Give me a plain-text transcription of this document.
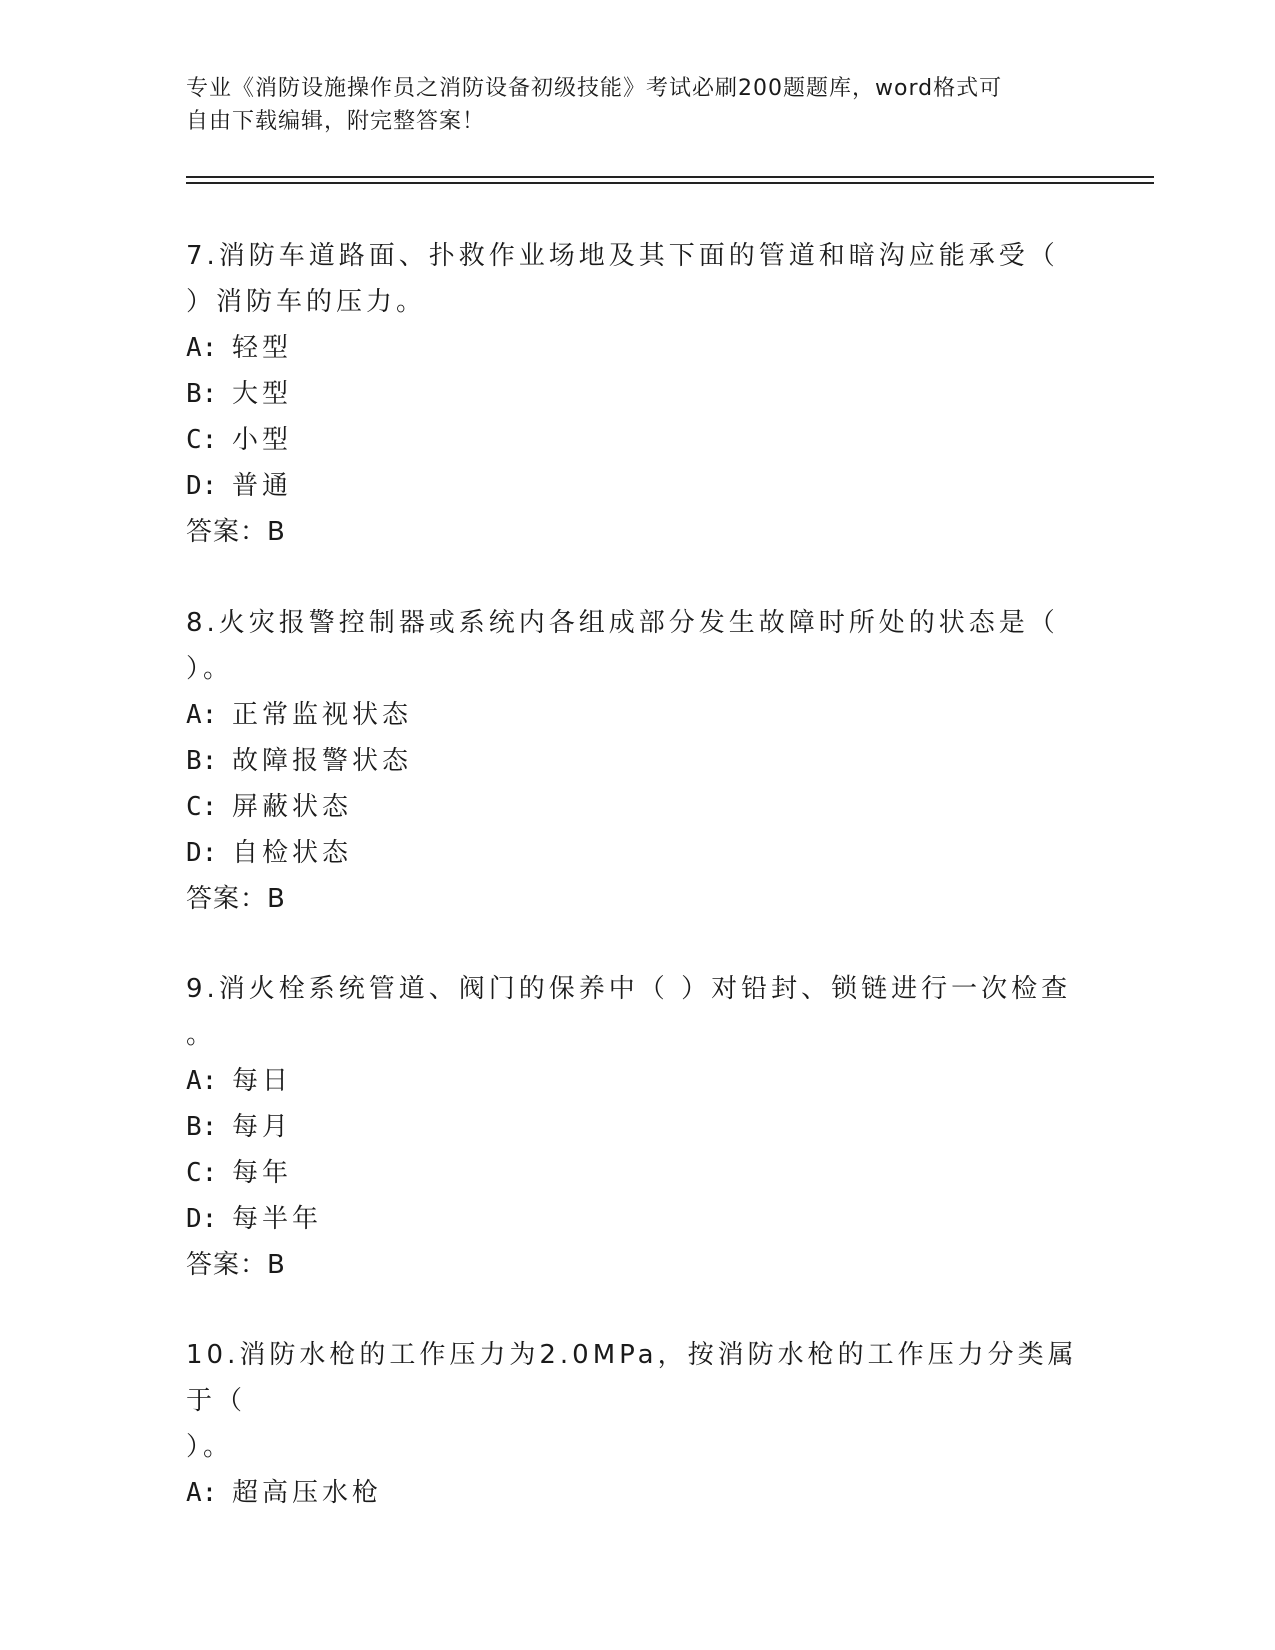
专业《消防设施操作员之消防设备初级技能》考试必刷200题题库，word格式可
自由下载编辑，附完整答案！

7.消防车道路面、扑救作业场地及其下面的管道和暗沟应能承受（

）消防车的压力。

A: 轻型

B: 大型

C: 小型

D: 普通

答案：B

8.火灾报警控制器或系统内各组成部分发生故障时所处的状态是（

）。

A: 正常监视状态

B: 故障报警状态

C: 屏蔽状态

D: 自检状态

答案：B

9.消火栓系统管道、阀门的保养中（ ）对铅封、锁链进行一次检查

。

A: 每日

B: 每月

C: 每年

D: 每半年

答案：B

10.消防水枪的工作压力为2.0MPa，按消防水枪的工作压力分类属于（

）。

A: 超高压水枪
